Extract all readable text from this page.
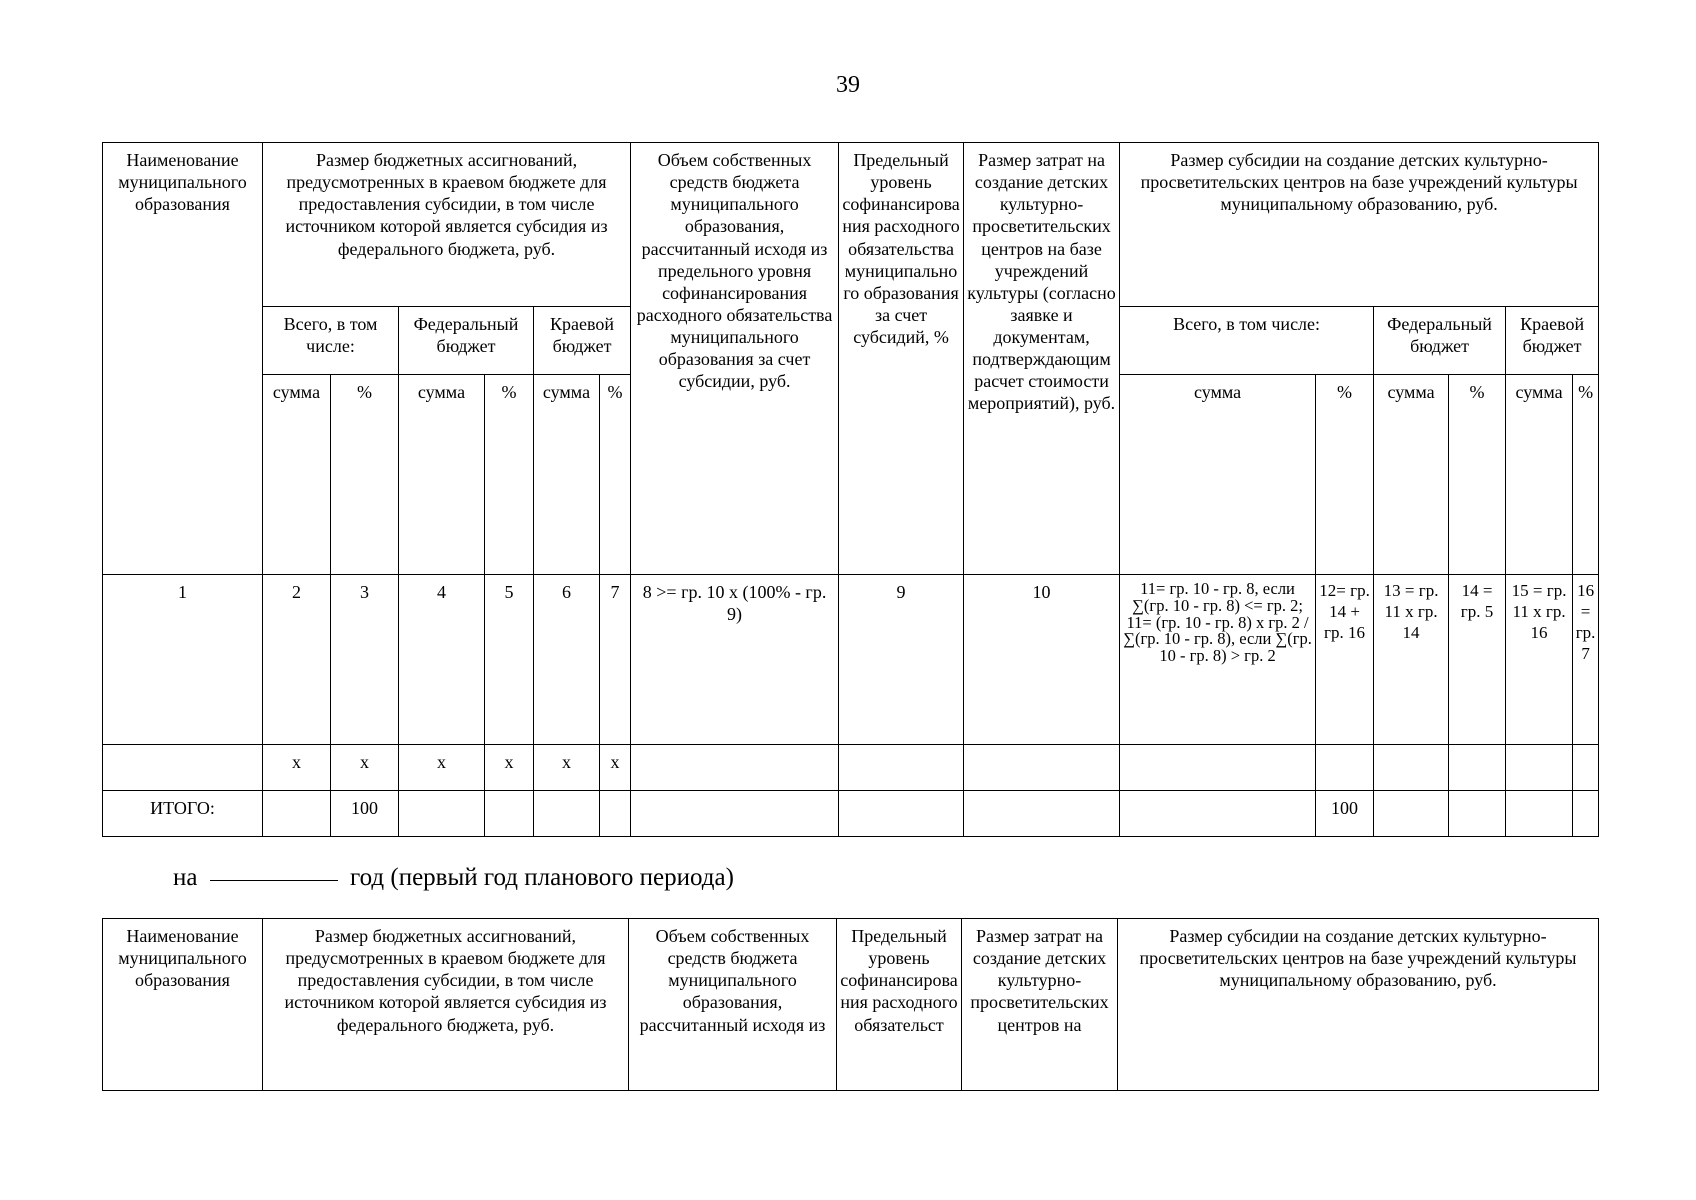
39
Наименование муниципального образования	Размер бюджетных ассигнований, предусмотренных в краевом бюджете для предоставления субсидии, в том числе источником которой является субсидия из федерального бюджета, руб.						Объем собственных средств бюджета муниципального образования, рассчитанный исходя из предельного уровня софинансирования расходного обязательства муниципального образования за счет субсидии, руб.	Предельный уровень софинансирования расходного обязательства муниципального образования за счет субсидий, %	Размер затрат на создание детских культурно-просветительских центров на базе учреждений культуры (согласно заявке и документам, подтверждающим расчет стоимости мероприятий), руб.	Размер субсидии на создание детских культурно-просветительских центров на базе учреждений культуры муниципальному образованию, руб.					
	Всего, в том числе:		Федеральный бюджет		Краевой бюджет					Всего, в том числе:		Федеральный бюджет		Краевой бюджет	
	сумма	%	сумма	%	сумма	%				сумма	%	сумма	%	сумма	%
1	2	3	4	5	6	7	8 >= гр. 10 х (100% - гр. 9)	9	10	11= гр. 10 - гр. 8, если ∑(гр. 10 - гр. 8) <= гр. 2; 11= (гр. 10 - гр. 8) х гр. 2 / ∑(гр. 10 - гр. 8), если ∑(гр. 10 - гр. 8) > гр. 2	12= гр. 14 + гр. 16	13 = гр. 11 х гр. 14	14 = гр. 5	15 = гр. 11 х гр. 16	16 = гр. 7
	х	х	х	х	х	х									
ИТОГО:		100									100				
на	год (первый год планового периода)
Наименование муниципального образования	Размер бюджетных ассигнований, предусмотренных в краевом бюджете для предоставления субсидии, в том числе источником которой является субсидия из федерального бюджета, руб.	Объем собственных средств бюджета муниципального образования, рассчитанный исходя из	Предельный уровень софинансирования расходного обязательст	Размер затрат на создание детских культурно-просветительских центров на	Размер субсидии на создание детских культурно-просветительских центров на базе учреждений культуры муниципальному образованию, руб.
